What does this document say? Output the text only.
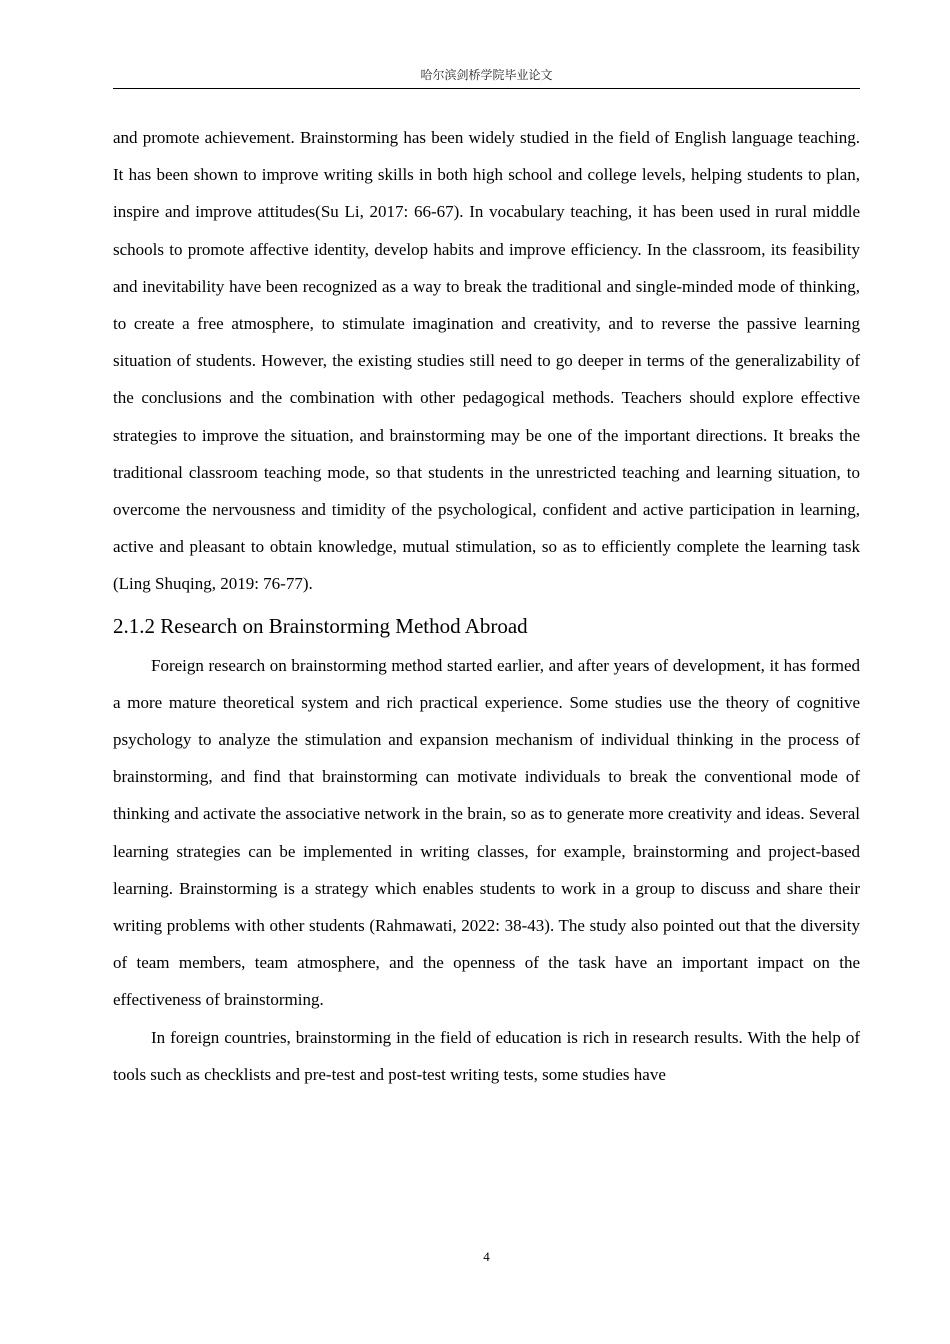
哈尔滨剑桥学院毕业论文

and promote achievement. Brainstorming has been widely studied in the field of English language teaching. It has been shown to improve writing skills in both high school and college levels, helping students to plan, inspire and improve attitudes(Su Li, 2017: 66-67). In vocabulary teaching, it has been used in rural middle schools to promote affective identity, develop habits and improve efficiency. In the classroom, its feasibility and inevitability have been recognized as a way to break the traditional and single-minded mode of thinking, to create a free atmosphere, to stimulate imagination and creativity, and to reverse the passive learning situation of students. However, the existing studies still need to go deeper in terms of the generalizability of the conclusions and the combination with other pedagogical methods. Teachers should explore effective strategies to improve the situation, and brainstorming may be one of the important directions. It breaks the traditional classroom teaching mode, so that students in the unrestricted teaching and learning situation, to overcome the nervousness and timidity of the psychological, confident and active participation in learning, active and pleasant to obtain knowledge, mutual stimulation, so as to efficiently complete the learning task (Ling Shuqing, 2019: 76-77).

2.1.2 Research on Brainstorming Method Abroad

Foreign research on brainstorming method started earlier, and after years of development, it has formed a more mature theoretical system and rich practical experience. Some studies use the theory of cognitive psychology to analyze the stimulation and expansion mechanism of individual thinking in the process of brainstorming, and find that brainstorming can motivate individuals to break the conventional mode of thinking and activate the associative network in the brain, so as to generate more creativity and ideas. Several learning strategies can be implemented in writing classes, for example, brainstorming and project-based learning. Brainstorming is a strategy which enables students to work in a group to discuss and share their writing problems with other students (Rahmawati, 2022: 38-43). The study also pointed out that the diversity of team members, team atmosphere, and the openness of the task have an important impact on the effectiveness of brainstorming.

In foreign countries, brainstorming in the field of education is rich in research results. With the help of tools such as checklists and pre-test and post-test writing tests, some studies have

4
